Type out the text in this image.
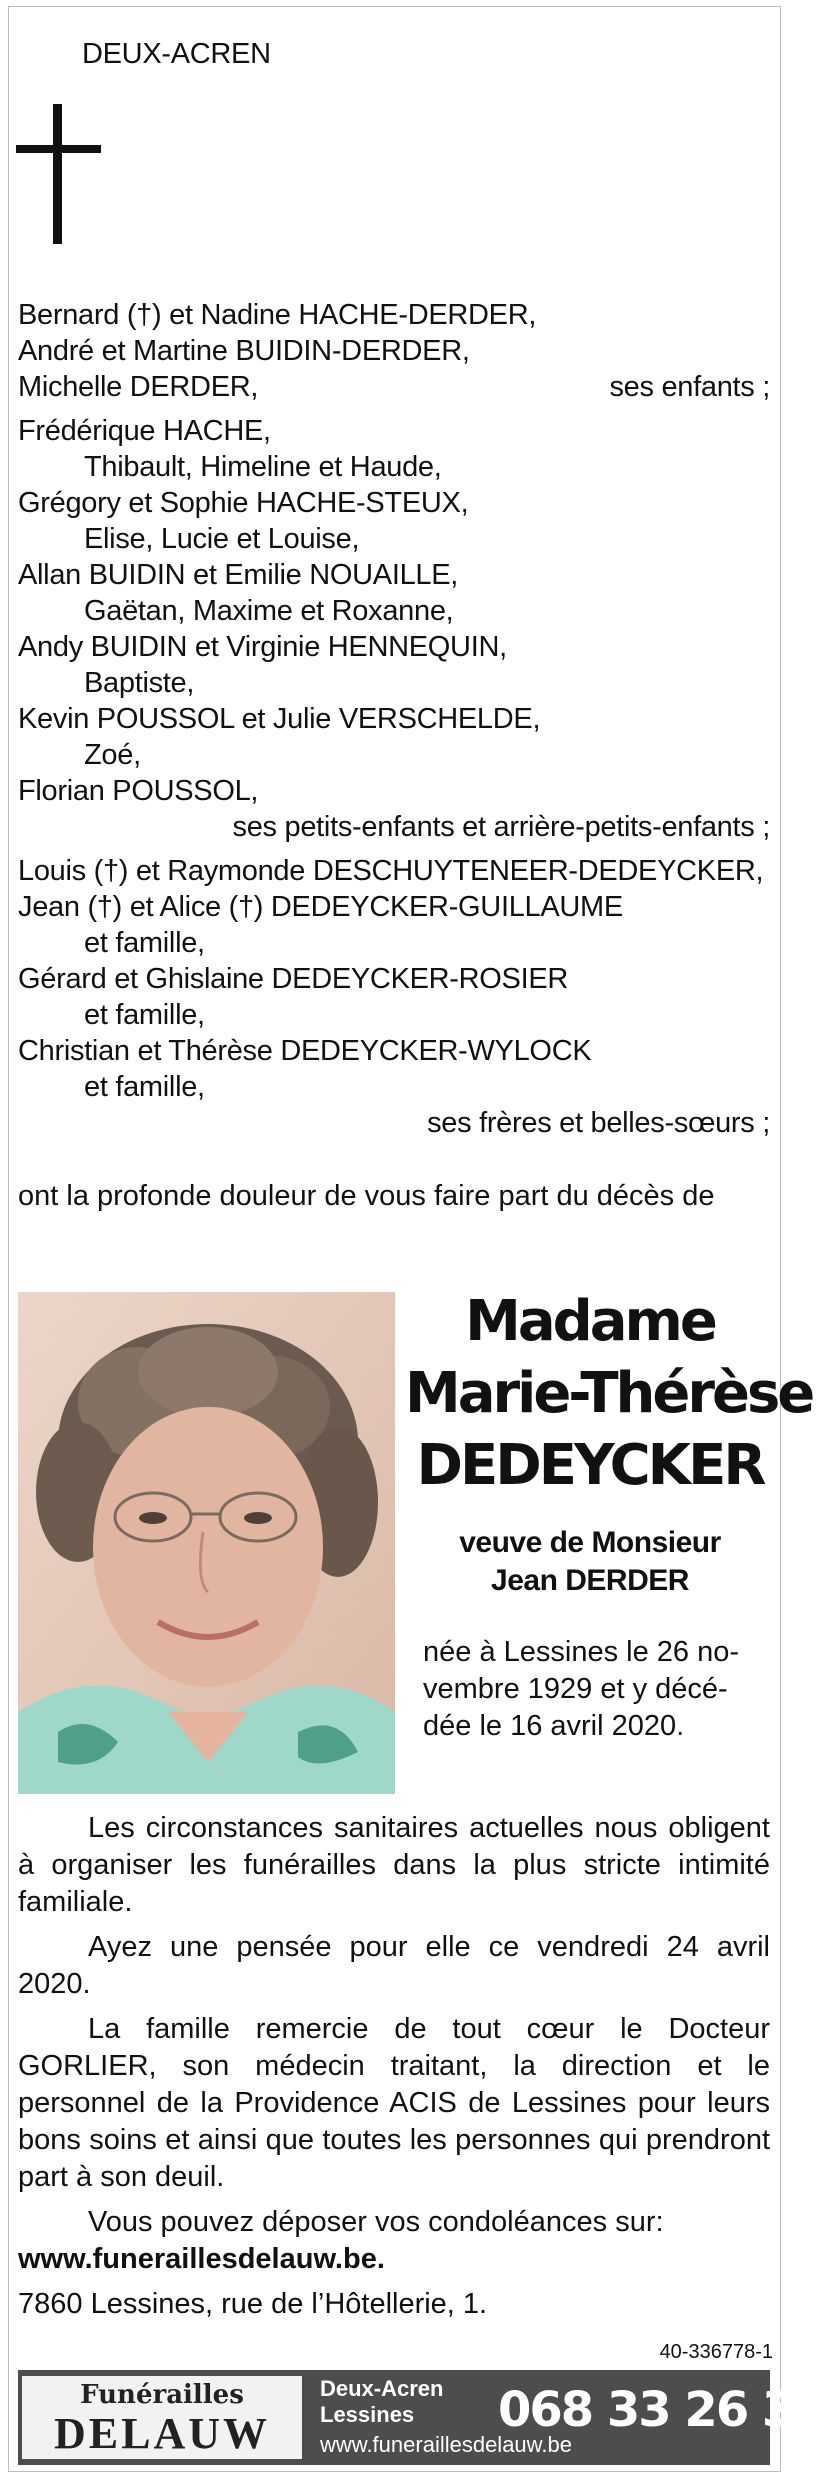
DEUX-ACREN
Bernard (†) et Nadine HACHE-DERDER,
André et Martine BUIDIN-DERDER,
Michelle DERDER,	ses enfants ;
Frédérique HACHE,
Thibault, Himeline et Haude,
Grégory et Sophie HACHE-STEUX,
Elise, Lucie et Louise,
Allan BUIDIN et Emilie NOUAILLE,
Gaëtan, Maxime et Roxanne,
Andy BUIDIN et Virginie HENNEQUIN,
Baptiste,
Kevin POUSSOL et Julie VERSCHELDE,
Zoé,
Florian POUSSOL,
ses petits-enfants et arrière-petits-enfants ;
Louis (†) et Raymonde DESCHUYTENEER-DEDEYCKER,
Jean (†) et Alice (†) DEDEYCKER-GUILLAUME
et famille,
Gérard et Ghislaine DEDEYCKER-ROSIER
et famille,
Christian et Thérèse DEDEYCKER-WYLOCK
et famille,
ses frères et belles-sœurs ;
ont la profonde douleur de vous faire part du décès de
Madame
Marie-Thérèse
DEDEYCKER
veuve de Monsieur
Jean DERDER
née à Lessines le 26 no-
vembre 1929 et y décé-
dée le 16 avril 2020.
Les circonstances sanitaires actuelles nous obligent à organiser les funérailles dans la plus stricte intimité familiale.
Ayez une pensée pour elle ce vendredi 24 avril 2020.
La famille remercie de tout cœur le Docteur GORLIER, son médecin traitant, la direction et le personnel de la Providence ACIS de Lessines pour leurs bons soins et ainsi que toutes les personnes qui prendront part à son deuil.
Vous pouvez déposer vos condoléances sur:
www.funeraillesdelauw.be.
7860 Lessines, rue de l’Hôtellerie, 1.
40-336778-1
Funérailles
DELAUW
Deux-Acren
Lessines
www.funeraillesdelauw.be
068 33 26 30
